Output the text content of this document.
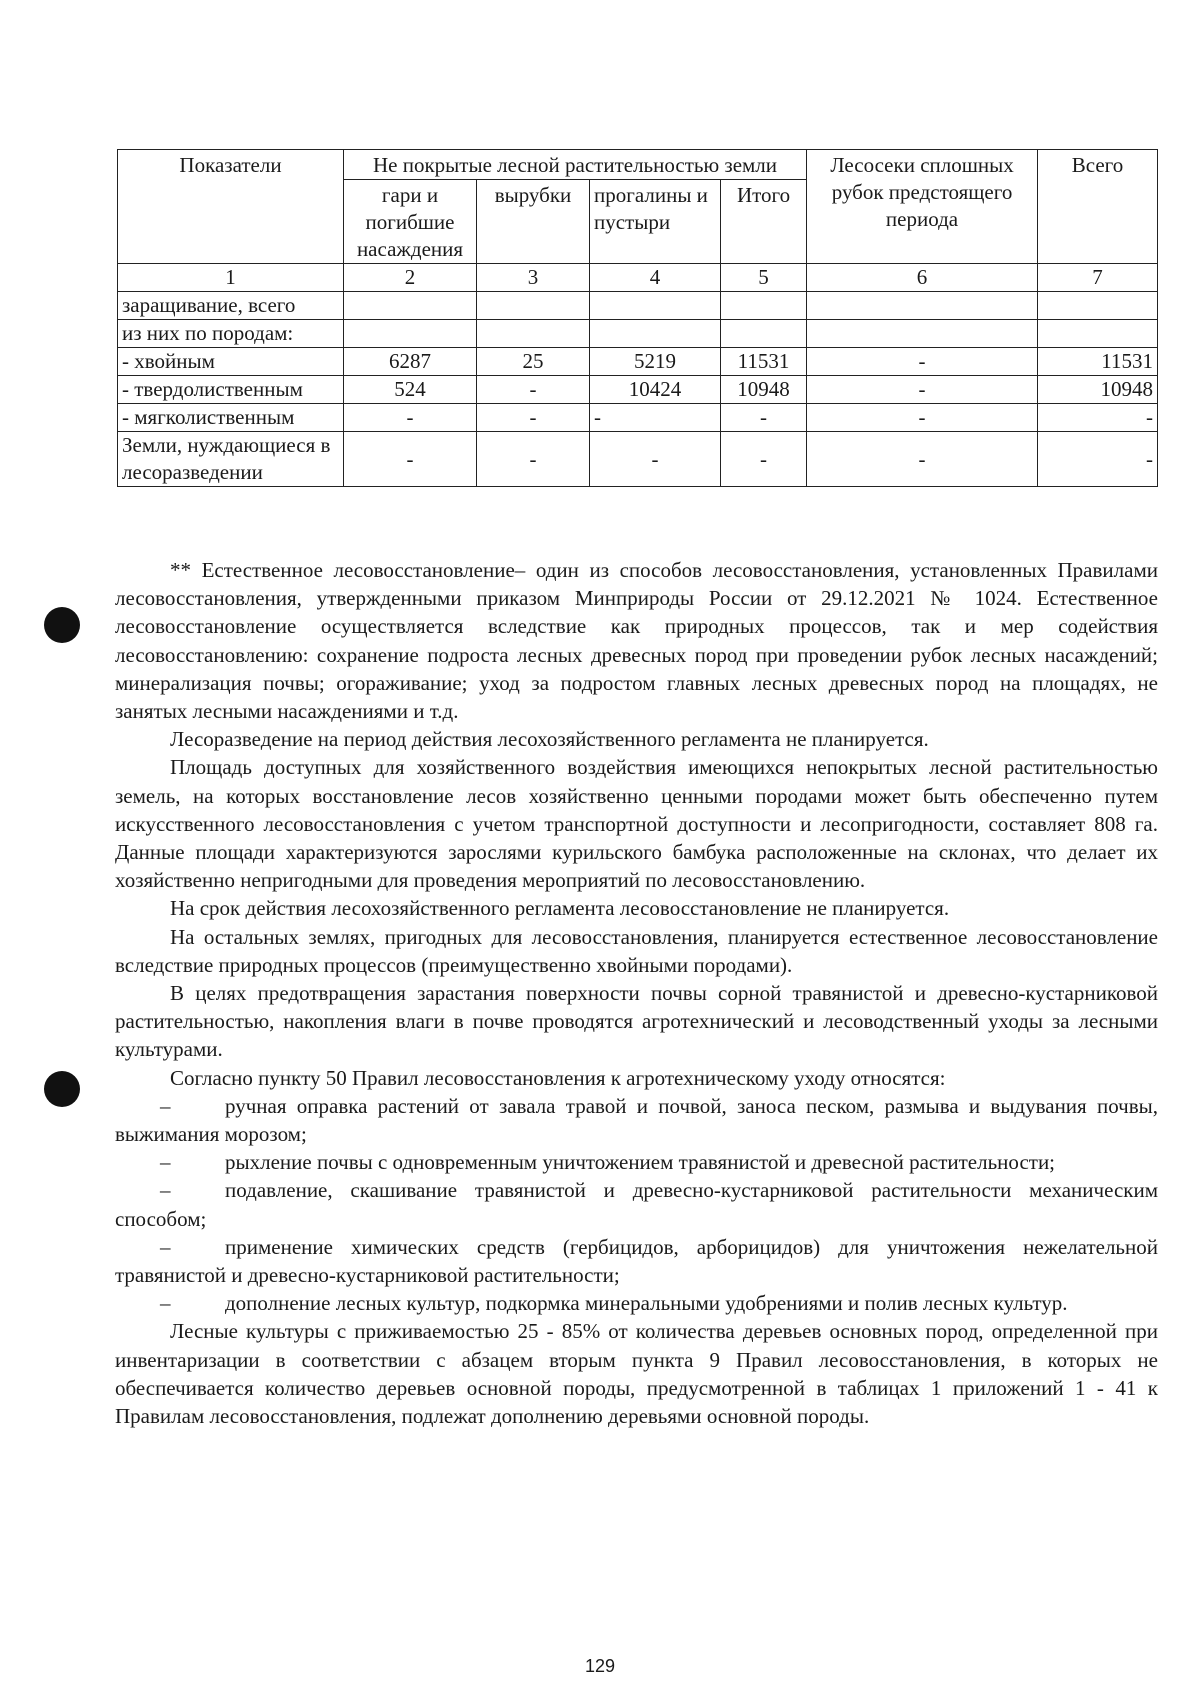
Показатели	Не покрытые лесной растительностью земли				Лесосеки сплошных рубок предстоящего периода	Всего
	гари и погибшие насаждения	вырубки	прогалины и пустыри	Итого		
1	2	3	4	5	6	7
заращивание, всего						
из них по породам:						
- хвойным	6287	25	5219	11531	-	11531
- твердолиственным	524	-	10424	10948	-	10948
- мягколиственным	-	-	-	-	-	-
Земли, нуждающиеся в лесоразведении	-	-	-	-	-	-

** Естественное лесовосстановление– один из способов лесовосстановления, установленных Правилами лесовосстановления, утвержденными приказом Минприроды России от 29.12.2021 № 1024. Естественное лесовосстановление осуществляется вследствие как природных процессов, так и мер содействия лесовосстановлению: сохранение подроста лесных древесных пород при проведении рубок лесных насаждений; минерализация почвы; огораживание; уход за подростом главных лесных древесных пород на площадях, не занятых лесными насаждениями и т.д.

Лесоразведение на период действия лесохозяйственного регламента не планируется.

Площадь доступных для хозяйственного воздействия имеющихся непокрытых лесной растительностью земель, на которых восстановление лесов хозяйственно ценными породами может быть обеспеченно путем искусственного лесовосстановления с учетом транспортной доступности и лесопригодности, составляет 808 га. Данные площади характеризуются зарослями курильского бамбука расположенные на склонах, что делает их хозяйственно непригодными для проведения мероприятий по лесовосстановлению.

На срок действия лесохозяйственного регламента лесовосстановление не планируется.

На остальных землях, пригодных для лесовосстановления, планируется естественное лесовосстановление вследствие природных процессов (преимущественно хвойными породами).

В целях предотвращения зарастания поверхности почвы сорной травянистой и древесно-кустарниковой растительностью, накопления влаги в почве проводятся агротехнический и лесоводственный уходы за лесными культурами.

Согласно пункту 50 Правил лесовосстановления к агротехническому уходу относятся:

–	ручная оправка растений от завала травой и почвой, заноса песком, размыва и выдувания почвы, выжимания морозом;

–	рыхление почвы с одновременным уничтожением травянистой и древесной растительности;

–	подавление, скашивание травянистой и древесно-кустарниковой растительности механическим способом;

–	применение химических средств (гербицидов, арборицидов) для уничтожения нежелательной травянистой и древесно-кустарниковой растительности;

–	дополнение лесных культур, подкормка минеральными удобрениями и полив лесных культур.

Лесные культуры с приживаемостью 25 - 85% от количества деревьев основных пород, определенной при инвентаризации в соответствии с абзацем вторым пункта 9 Правил лесовосстановления, в которых не обеспечивается количество деревьев основной породы, предусмотренной в таблицах 1 приложений 1 - 41 к Правилам лесовосстановления, подлежат дополнению деревьями основной породы.

129
